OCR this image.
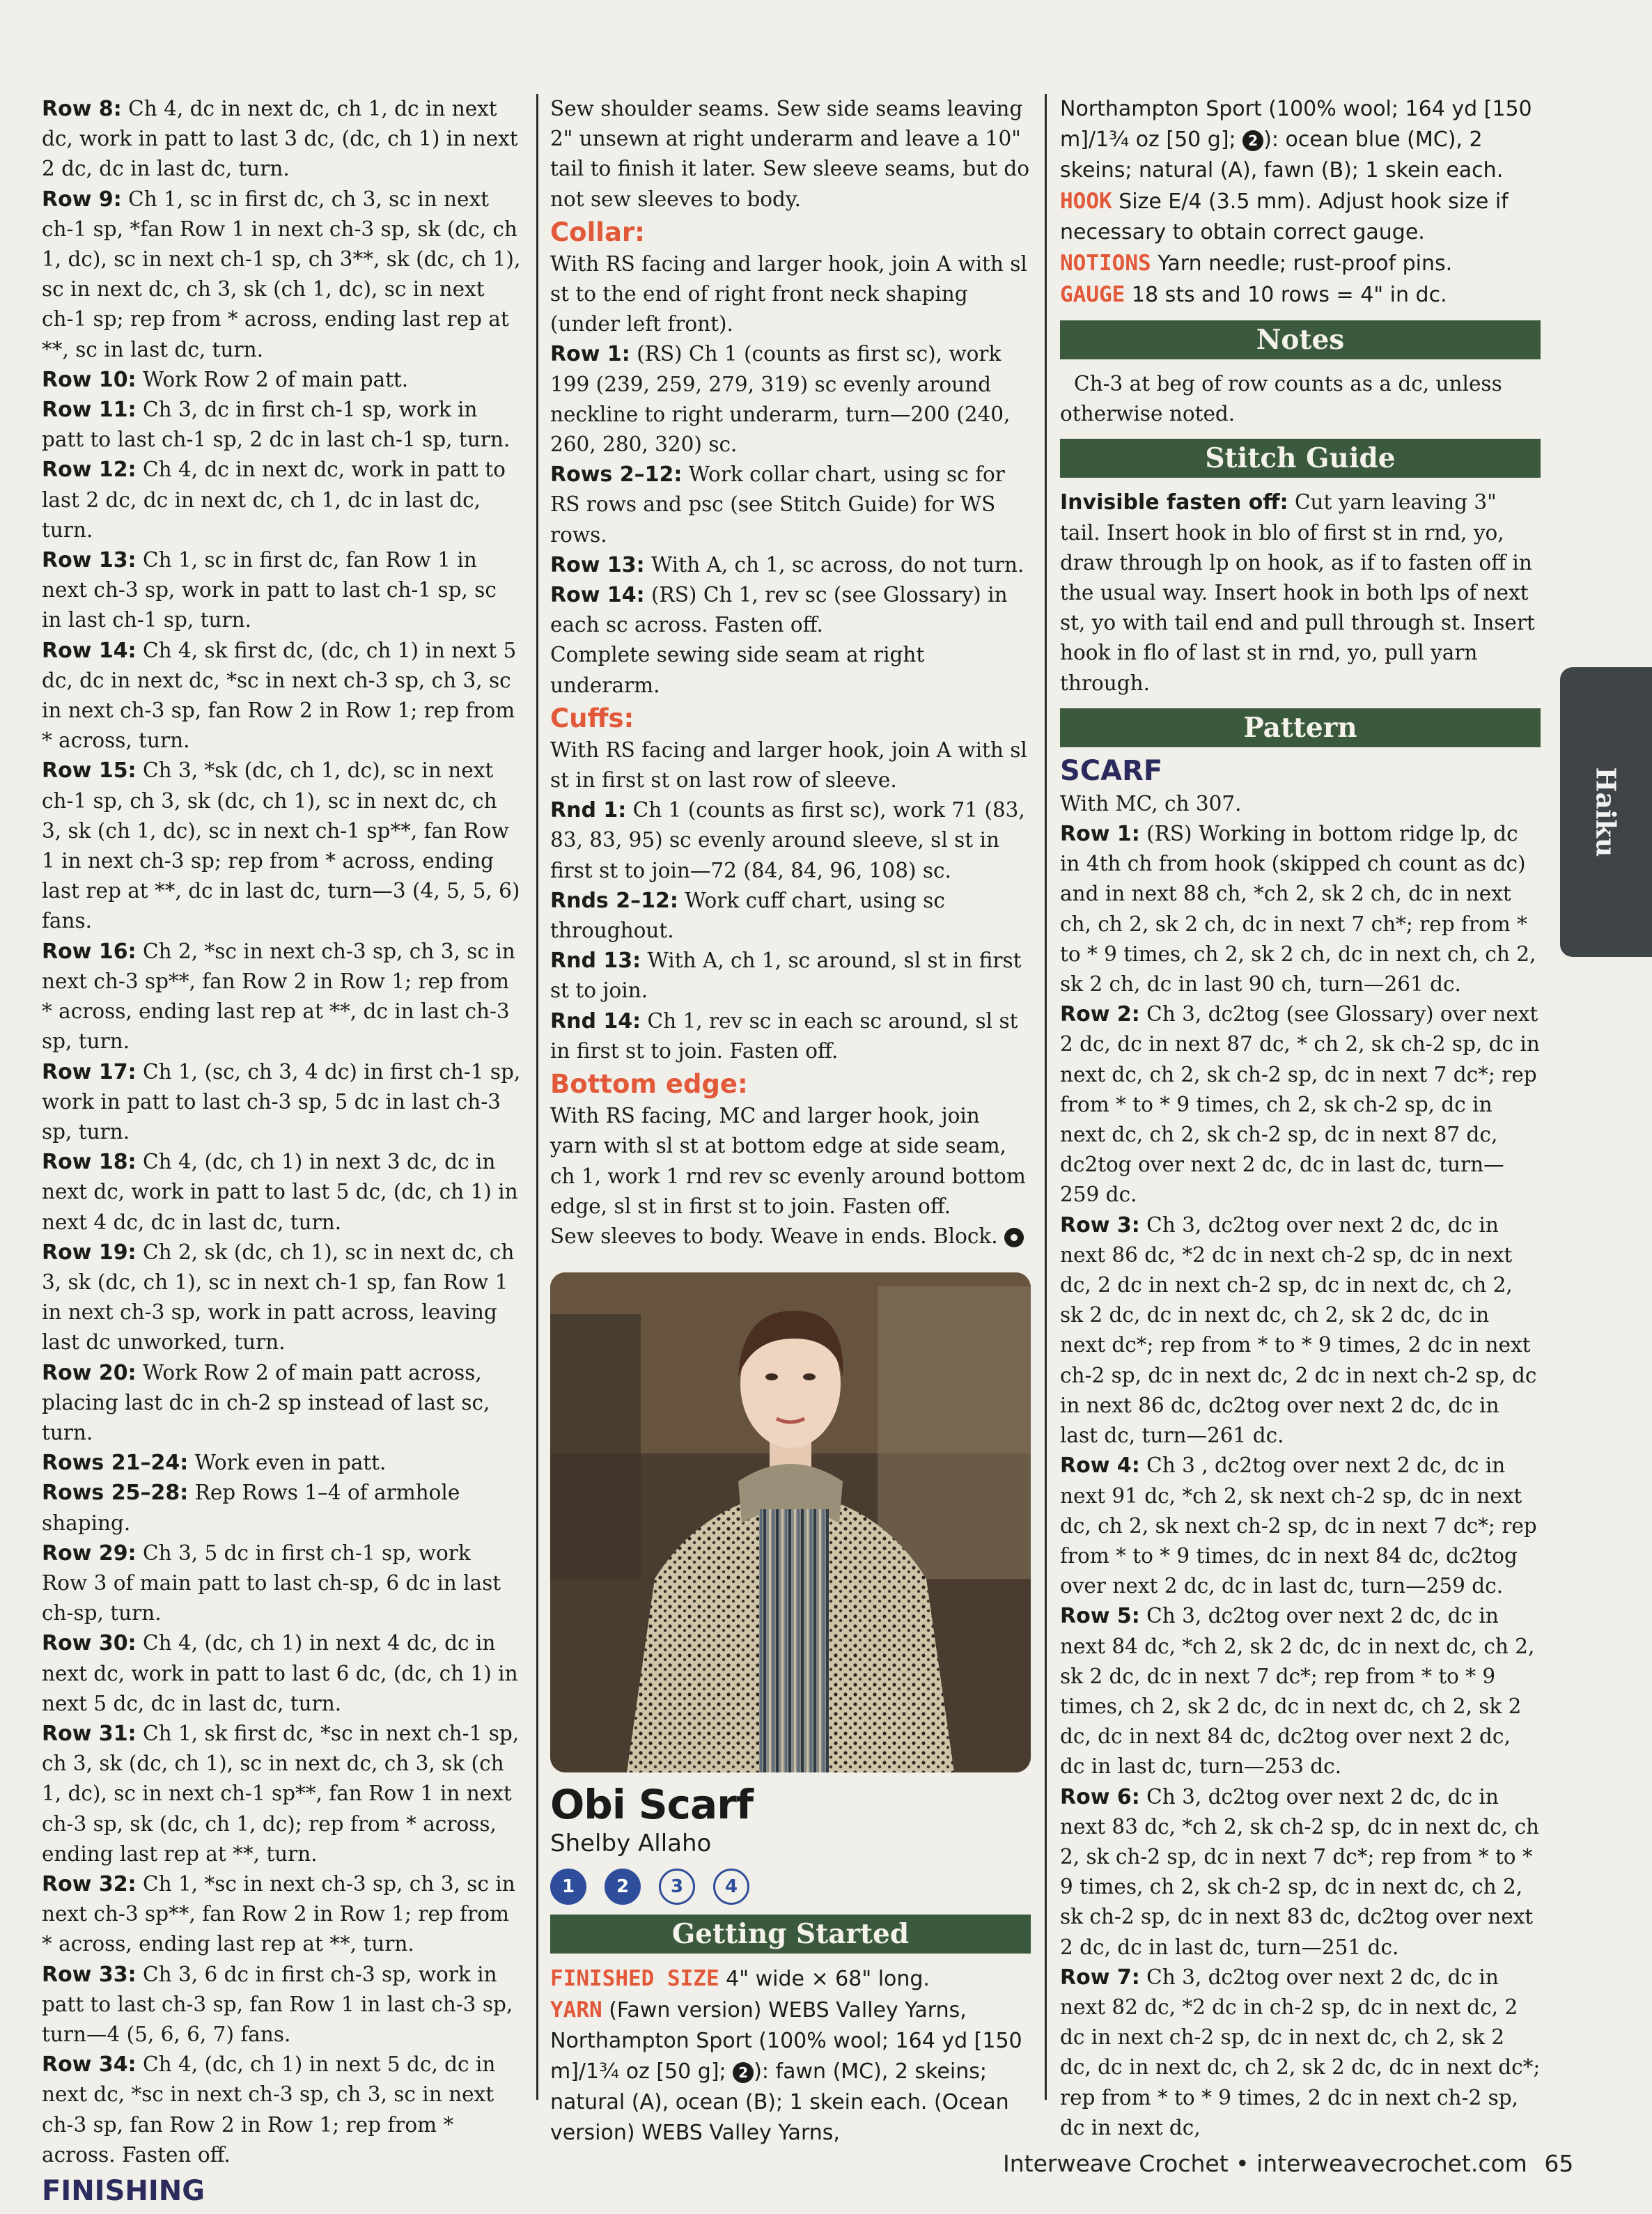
Row 8: Ch 4, dc in next dc, ch 1, dc in next dc, work in patt to last 3 dc, (dc, ch 1) in next 2 dc, dc in last dc, turn.

Row 9: Ch 1, sc in first dc, ch 3, sc in next ch-1 sp, *fan Row 1 in next ch-3 sp, sk (dc, ch 1, dc), sc in next ch-1 sp, ch 3**, sk (dc, ch 1), sc in next dc, ch 3, sk (ch 1, dc), sc in next ch-1 sp; rep from * across, ending last rep at **, sc in last dc, turn.

Row 10: Work Row 2 of main patt.

Row 11: Ch 3, dc in first ch-1 sp, work in patt to last ch-1 sp, 2 dc in last ch-1 sp, turn.

Row 12: Ch 4, dc in next dc, work in patt to last 2 dc, dc in next dc, ch 1, dc in last dc, turn.

Row 13: Ch 1, sc in first dc, fan Row 1 in next ch-3 sp, work in patt to last ch-1 sp, sc in last ch-1 sp, turn.

Row 14: Ch 4, sk first dc, (dc, ch 1) in next 5 dc, dc in next dc, *sc in next ch-3 sp, ch 3, sc in next ch-3 sp, fan Row 2 in Row 1; rep from * across, turn.

Row 15: Ch 3, *sk (dc, ch 1, dc), sc in next ch-1 sp, ch 3, sk (dc, ch 1), sc in next dc, ch 3, sk (ch 1, dc), sc in next ch-1 sp**, fan Row 1 in next ch-3 sp; rep from * across, ending last rep at **, dc in last dc, turn—3 (4, 5, 5, 6) fans.

Row 16: Ch 2, *sc in next ch-3 sp, ch 3, sc in next ch-3 sp**, fan Row 2 in Row 1; rep from * across, ending last rep at **, dc in last ch-3 sp, turn.

Row 17: Ch 1, (sc, ch 3, 4 dc) in first ch-1 sp, work in patt to last ch-3 sp, 5 dc in last ch-3 sp, turn.

Row 18: Ch 4, (dc, ch 1) in next 3 dc, dc in next dc, work in patt to last 5 dc, (dc, ch 1) in next 4 dc, dc in last dc, turn.

Row 19: Ch 2, sk (dc, ch 1), sc in next dc, ch 3, sk (dc, ch 1), sc in next ch-1 sp, fan Row 1 in next ch-3 sp, work in patt across, leaving last dc unworked, turn.

Row 20: Work Row 2 of main patt across, placing last dc in ch-2 sp instead of last sc, turn.

Rows 21–24: Work even in patt.

Rows 25–28: Rep Rows 1–4 of armhole shaping.

Row 29: Ch 3, 5 dc in first ch-1 sp, work Row 3 of main patt to last ch-sp, 6 dc in last ch-sp, turn.

Row 30: Ch 4, (dc, ch 1) in next 4 dc, dc in next dc, work in patt to last 6 dc, (dc, ch 1) in next 5 dc, dc in last dc, turn.

Row 31: Ch 1, sk first dc, *sc in next ch-1 sp, ch 3, sk (dc, ch 1), sc in next dc, ch 3, sk (ch 1, dc), sc in next ch-1 sp**, fan Row 1 in next ch-3 sp, sk (dc, ch 1, dc); rep from * across, ending last rep at **, turn.

Row 32: Ch 1, *sc in next ch-3 sp, ch 3, sc in next ch-3 sp**, fan Row 2 in Row 1; rep from * across, ending last rep at **, turn.

Row 33: Ch 3, 6 dc in first ch-3 sp, work in patt to last ch-3 sp, fan Row 1 in last ch-3 sp, turn—4 (5, 6, 6, 7) fans.

Row 34: Ch 4, (dc, ch 1) in next 5 dc, dc in next dc, *sc in next ch-3 sp, ch 3, sc in next ch-3 sp, fan Row 2 in Row 1; rep from * across. Fasten off.

FINISHING

Sew shoulder seams. Sew side seams leaving 2" unsewn at right underarm and leave a 10" tail to finish it later. Sew sleeve seams, but do not sew sleeves to body.

Collar:

With RS facing and larger hook, join A with sl st to the end of right front neck shaping (under left front).

Row 1: (RS) Ch 1 (counts as first sc), work 199 (239, 259, 279, 319) sc evenly around neckline to right underarm, turn—200 (240, 260, 280, 320) sc.

Rows 2–12: Work collar chart, using sc for RS rows and psc (see Stitch Guide) for WS rows.

Row 13: With A, ch 1, sc across, do not turn.

Row 14: (RS) Ch 1, rev sc (see Glossary) in each sc across. Fasten off.

Complete sewing side seam at right underarm.

Cuffs:

With RS facing and larger hook, join A with sl st in first st on last row of sleeve.

Rnd 1: Ch 1 (counts as first sc), work 71 (83, 83, 83, 95) sc evenly around sleeve, sl st in first st to join—72 (84, 84, 96, 108) sc.

Rnds 2–12: Work cuff chart, using sc throughout.

Rnd 13: With A, ch 1, sc around, sl st in first st to join.

Rnd 14: Ch 1, rev sc in each sc around, sl st in first st to join. Fasten off.

Bottom edge:

With RS facing, MC and larger hook, join yarn with sl st at bottom edge at side seam, ch 1, work 1 rnd rev sc evenly around bottom edge, sl st in first st to join. Fasten off.

Sew sleeves to body. Weave in ends. Block.

Obi Scarf
Shelby Allaho
1	2	3	4
Getting Started

FINISHED SIZE 4" wide × 68" long.

YARN (Fawn version) WEBS Valley Yarns, Northampton Sport (100% wool; 164 yd [150 m]/1¾ oz [50 g]; 2 ): fawn (MC), 2 skeins; natural (A), ocean (B); 1 skein each. (Ocean version) WEBS Valley Yarns,

Northampton Sport (100% wool; 164 yd [150 m]/1¾ oz [50 g]; 2 ): ocean blue (MC), 2 skeins; natural (A), fawn (B); 1 skein each.

HOOK Size E/4 (3.5 mm). Adjust hook size if necessary to obtain correct gauge.

NOTIONS Yarn needle; rust-proof pins.

GAUGE 18 sts and 10 rows = 4" in dc.

Notes

Ch-3 at beg of row counts as a dc, unless otherwise noted.

Stitch Guide

Invisible fasten off: Cut yarn leaving 3" tail. Insert hook in blo of first st in rnd, yo, draw through lp on hook, as if to fasten off in the usual way. Insert hook in both lps of next st, yo with tail end and pull through st. Insert hook in flo of last st in rnd, yo, pull yarn through.

Pattern
SCARF

With MC, ch 307.

Row 1: (RS) Working in bottom ridge lp, dc in 4th ch from hook (skipped ch count as dc) and in next 88 ch, *ch 2, sk 2 ch, dc in next ch, ch 2, sk 2 ch, dc in next 7 ch*; rep from * to * 9 times, ch 2, sk 2 ch, dc in next ch, ch 2, sk 2 ch, dc in last 90 ch, turn—261 dc.

Row 2: Ch 3, dc2tog (see Glossary) over next 2 dc, dc in next 87 dc, * ch 2, sk ch-2 sp, dc in next dc, ch 2, sk ch-2 sp, dc in next 7 dc*; rep from * to * 9 times, ch 2, sk ch-2 sp, dc in next dc, ch 2, sk ch-2 sp, dc in next 87 dc, dc2tog over next 2 dc, dc in last dc, turn—259 dc.

Row 3: Ch 3, dc2tog over next 2 dc, dc in next 86 dc, *2 dc in next ch-2 sp, dc in next dc, 2 dc in next ch-2 sp, dc in next dc, ch 2, sk 2 dc, dc in next dc, ch 2, sk 2 dc, dc in next dc*; rep from * to * 9 times, 2 dc in next ch-2 sp, dc in next dc, 2 dc in next ch-2 sp, dc in next 86 dc, dc2tog over next 2 dc, dc in last dc, turn—261 dc.

Row 4: Ch 3 , dc2tog over next 2 dc, dc in next 91 dc, *ch 2, sk next ch-2 sp, dc in next dc, ch 2, sk next ch-2 sp, dc in next 7 dc*; rep from * to * 9 times, dc in next 84 dc, dc2tog over next 2 dc, dc in last dc, turn—259 dc.

Row 5: Ch 3, dc2tog over next 2 dc, dc in next 84 dc, *ch 2, sk 2 dc, dc in next dc, ch 2, sk 2 dc, dc in next 7 dc*; rep from * to * 9 times, ch 2, sk 2 dc, dc in next dc, ch 2, sk 2 dc, dc in next 84 dc, dc2tog over next 2 dc, dc in last dc, turn—253 dc.

Row 6: Ch 3, dc2tog over next 2 dc, dc in next 83 dc, *ch 2, sk ch-2 sp, dc in next dc, ch 2, sk ch-2 sp, dc in next 7 dc*; rep from * to * 9 times, ch 2, sk ch-2 sp, dc in next dc, ch 2, sk ch-2 sp, dc in next 83 dc, dc2tog over next 2 dc, dc in last dc, turn—251 dc.

Row 7: Ch 3, dc2tog over next 2 dc, dc in next 82 dc, *2 dc in ch-2 sp, dc in next dc, 2 dc in next ch-2 sp, dc in next dc, ch 2, sk 2 dc, dc in next dc, ch 2, sk 2 dc, dc in next dc*; rep from * to * 9 times, 2 dc in next ch-2 sp, dc in next dc,

Haiku
Interweave Crochet • interweavecrochet.com 65
